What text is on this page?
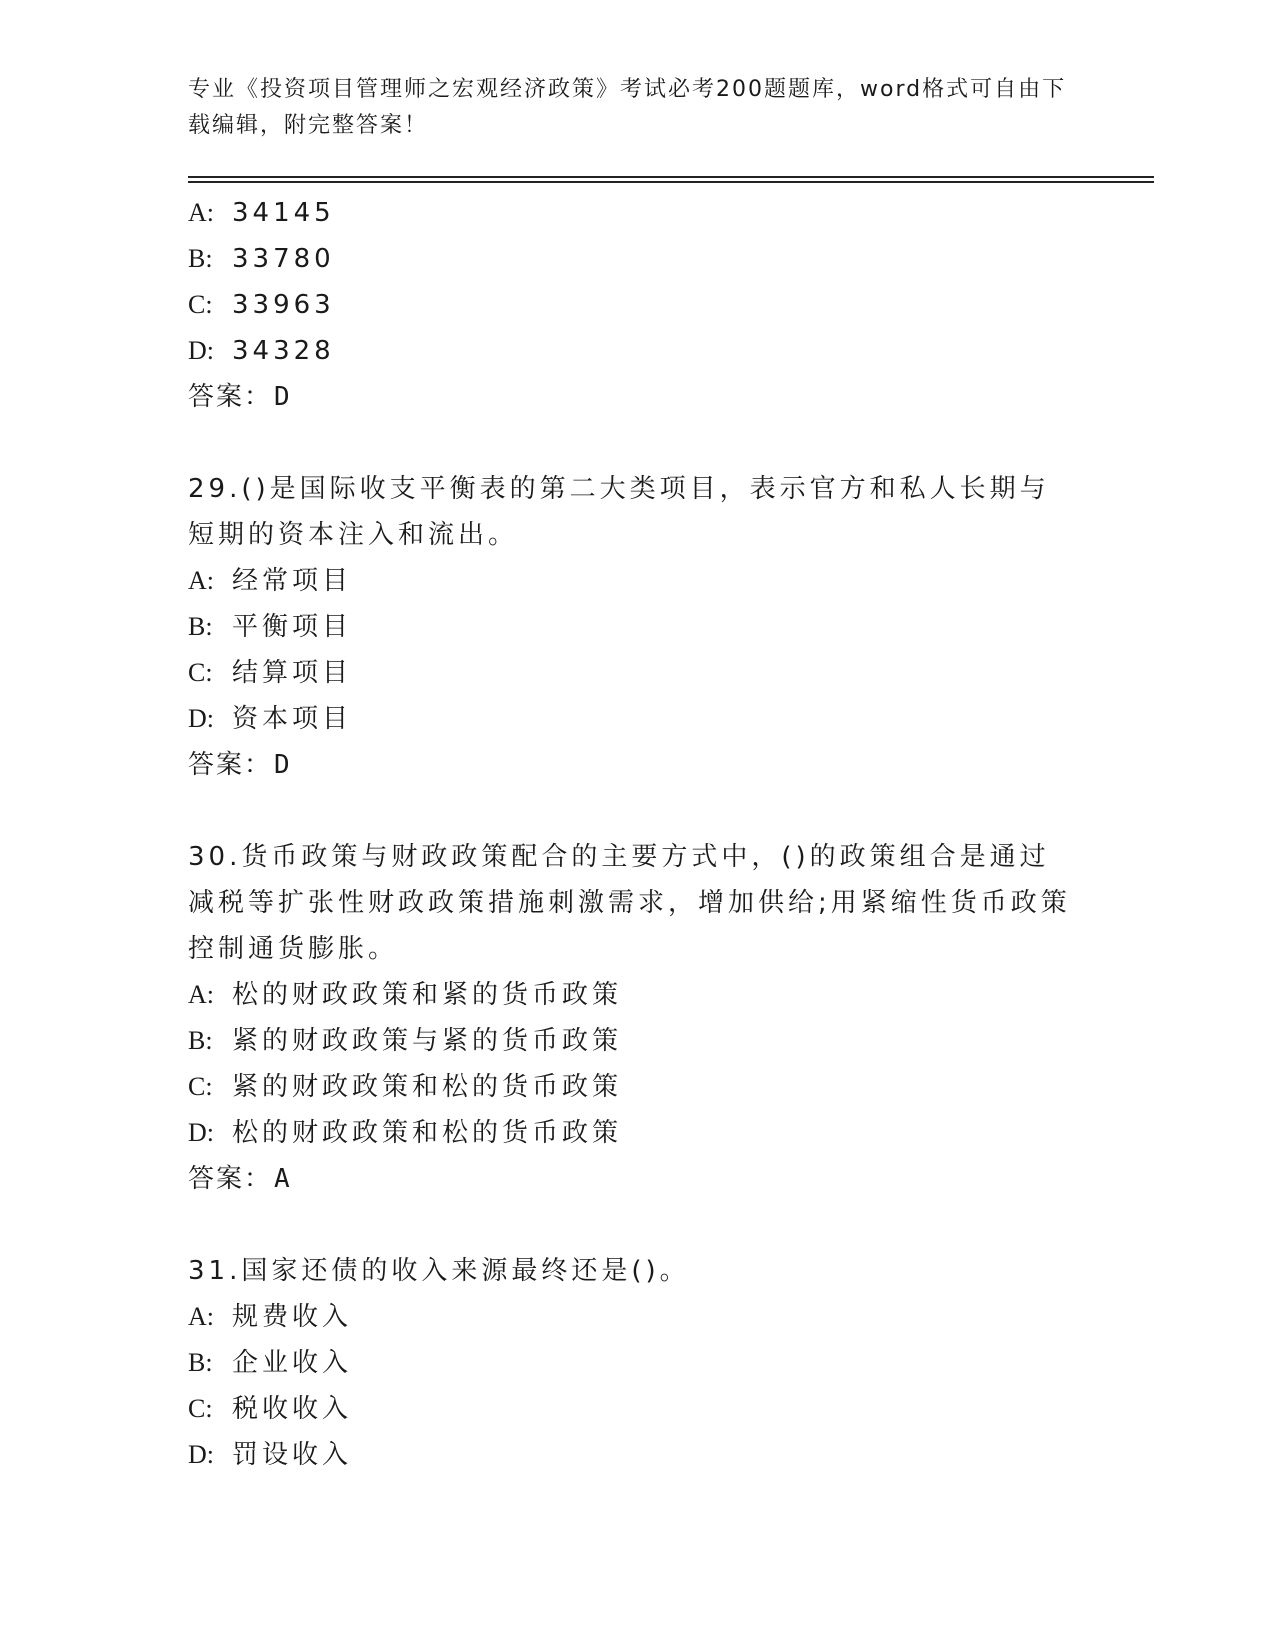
专业《投资项目管理师之宏观经济政策》考试必考200题题库，word格式可自由下载编辑，附完整答案！
A: 34145
B: 33780
C: 33963
D: 34328
答案：D
29.()是国际收支平衡表的第二大类项目，表示官方和私人长期与短期的资本注入和流出。
A: 经常项目
B: 平衡项目
C: 结算项目
D: 资本项目
答案：D
30.货币政策与财政政策配合的主要方式中，()的政策组合是通过减税等扩张性财政政策措施刺激需求，增加供给;用紧缩性货币政策控制通货膨胀。
A: 松的财政政策和紧的货币政策
B: 紧的财政政策与紧的货币政策
C: 紧的财政政策和松的货币政策
D: 松的财政政策和松的货币政策
答案：A
31.国家还债的收入来源最终还是()。
A: 规费收入
B: 企业收入
C: 税收收入
D: 罚设收入
